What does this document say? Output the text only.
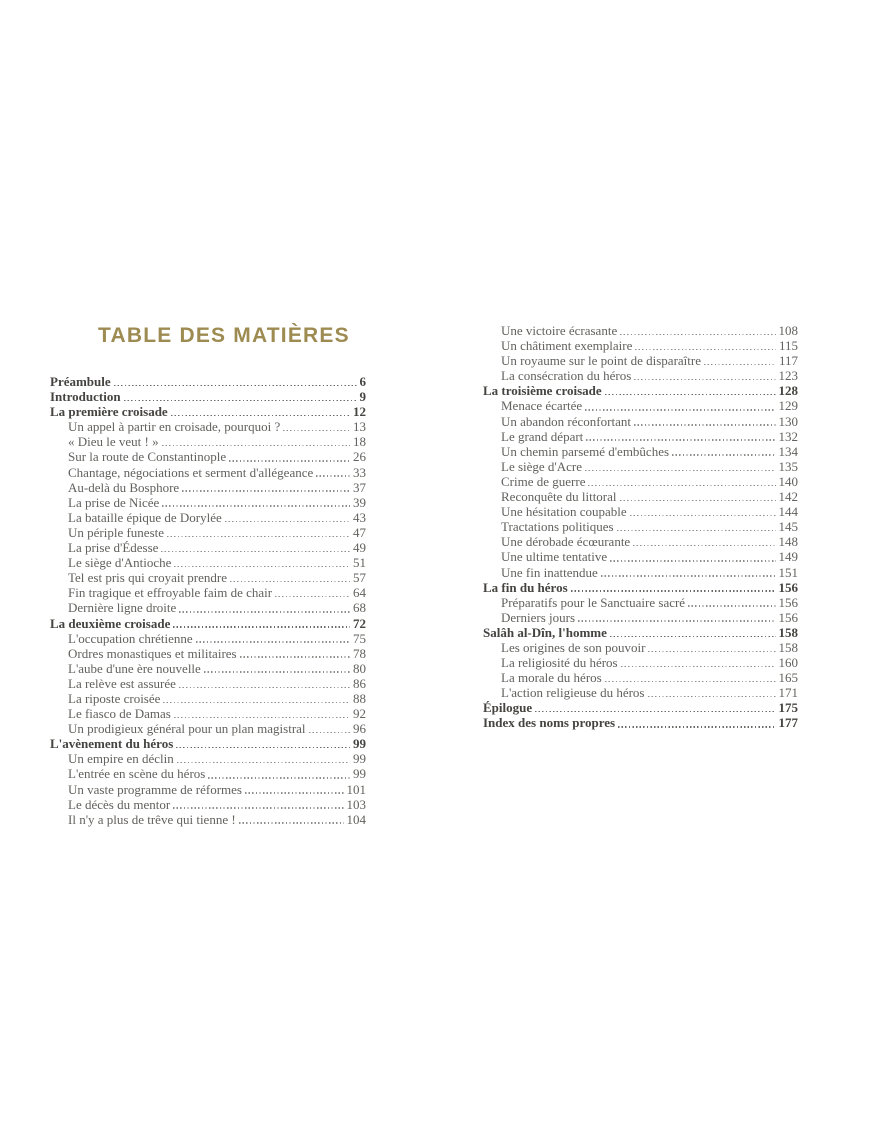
TABLE DES MATIÈRES
Préambule	6
Introduction	9
La première croisade	12
Un appel à partir en croisade, pourquoi ?	13
« Dieu le veut ! »	18
Sur la route de Constantinople	26
Chantage, négociations et serment d'allégeance	33
Au-delà du Bosphore	37
La prise de Nicée	39
La bataille épique de Dorylée	43
Un périple funeste	47
La prise d'Édesse	49
Le siège d'Antioche	51
Tel est pris qui croyait prendre	57
Fin tragique et effroyable faim de chair	64
Dernière ligne droite	68
La deuxième croisade	72
L'occupation chrétienne	75
Ordres monastiques et militaires	78
L'aube d'une ère nouvelle	80
La relève est assurée	86
La riposte croisée	88
Le fiasco de Damas	92
Un prodigieux général pour un plan magistral	96
L'avènement du héros	99
Un empire en déclin	99
L'entrée en scène du héros	99
Un vaste programme de réformes	101
Le décès du mentor	103
Il n'y a plus de trêve qui tienne !	104
Une victoire écrasante	108
Un châtiment exemplaire	115
Un royaume sur le point de disparaître	117
La consécration du héros	123
La troisième croisade	128
Menace écartée	129
Un abandon réconfortant	130
Le grand départ	132
Un chemin parsemé d'embûches	134
Le siège d'Acre	135
Crime de guerre	140
Reconquête du littoral	142
Une hésitation coupable	144
Tractations politiques	145
Une dérobade écœurante	148
Une ultime tentative	149
Une fin inattendue	151
La fin du héros	156
Préparatifs pour le Sanctuaire sacré	156
Derniers jours	156
Salâh al-Dîn, l'homme	158
Les origines de son pouvoir	158
La religiosité du héros	160
La morale du héros	165
L'action religieuse du héros	171
Épilogue	175
Index des noms propres	177
